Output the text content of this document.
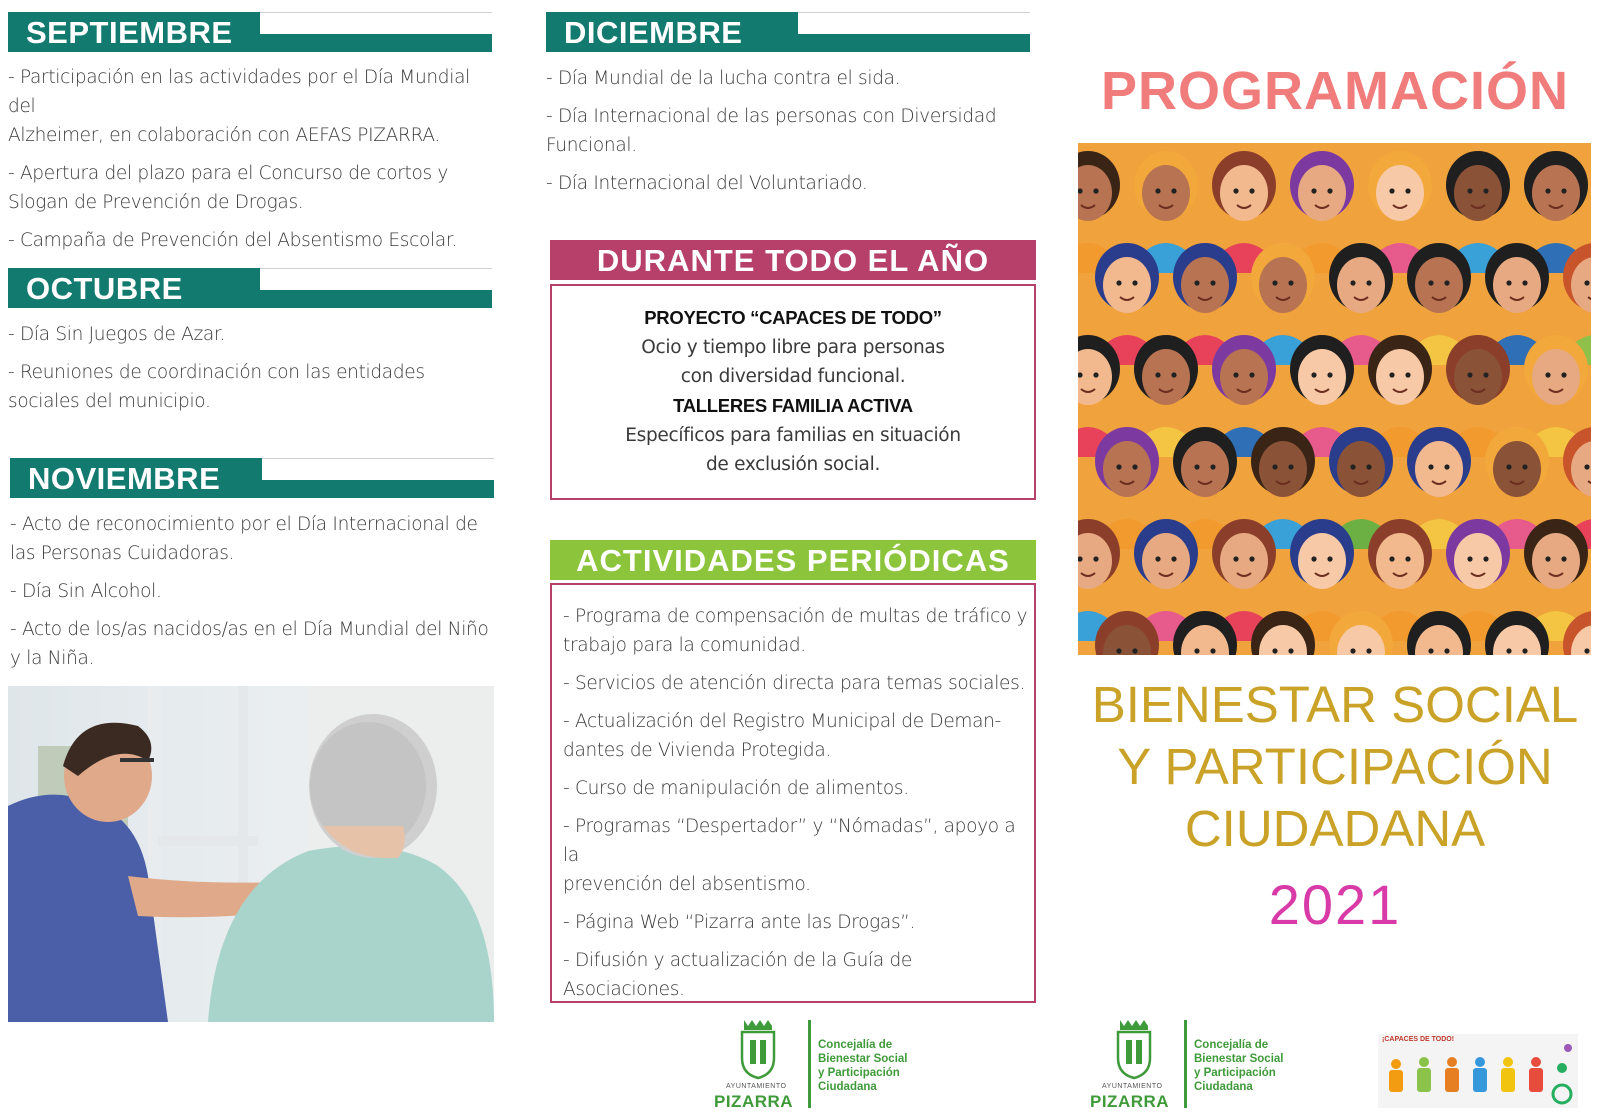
SEPTIEMBRE
- Participación en las actividades por el Día Mundial del
Alzheimer, en colaboración con AEFAS PIZARRA.
- Apertura del plazo para el Concurso de cortos y
Slogan de Prevención de Drogas.
- Campaña de Prevención del Absentismo Escolar.
OCTUBRE
- Día Sin Juegos de Azar.
- Reuniones de coordinación con las entidades
sociales del municipio.
NOVIEMBRE
- Acto de reconocimiento por el Día Internacional de
las Personas Cuidadoras.
- Día Sin Alcohol.
- Acto de los/as nacidos/as en el Día Mundial del Niño
y la Niña.
DICIEMBRE
- Día Mundial de la lucha contra el sida.
- Día Internacional de las personas con Diversidad
Funcional.
- Día Internacional del Voluntariado.
DURANTE TODO EL AÑO
PROYECTO “CAPACES DE TODO”
Ocio y tiempo libre para personas
con diversidad funcional.
TALLERES FAMILIA ACTIVA
Específicos para familias en situación
de exclusión social.
ACTIVIDADES PERIÓDICAS
- Programa de compensación de multas de tráfico y
trabajo para la comunidad.
- Servicios de atención directa para temas sociales.
- Actualización del Registro Municipal de Deman-
dantes de Vivienda Protegida.
- Curso de manipulación de alimentos.
- Programas “Despertador” y “Nómadas”, apoyo a la
prevención del absentismo.
- Página Web “Pizarra ante las Drogas”.
- Difusión y actualización de la Guía de Asociaciones.
AYUNTAMIENTO
PIZARRA
Concejalía de
Bienestar Social
y Participación
Ciudadana
PROGRAMACIÓN
BIENESTAR SOCIAL
Y PARTICIPACIÓN
CIUDADANA
2021
AYUNTAMIENTO
PIZARRA
Concejalía de
Bienestar Social
y Participación
Ciudadana
¡CAPACES DE TODO!
